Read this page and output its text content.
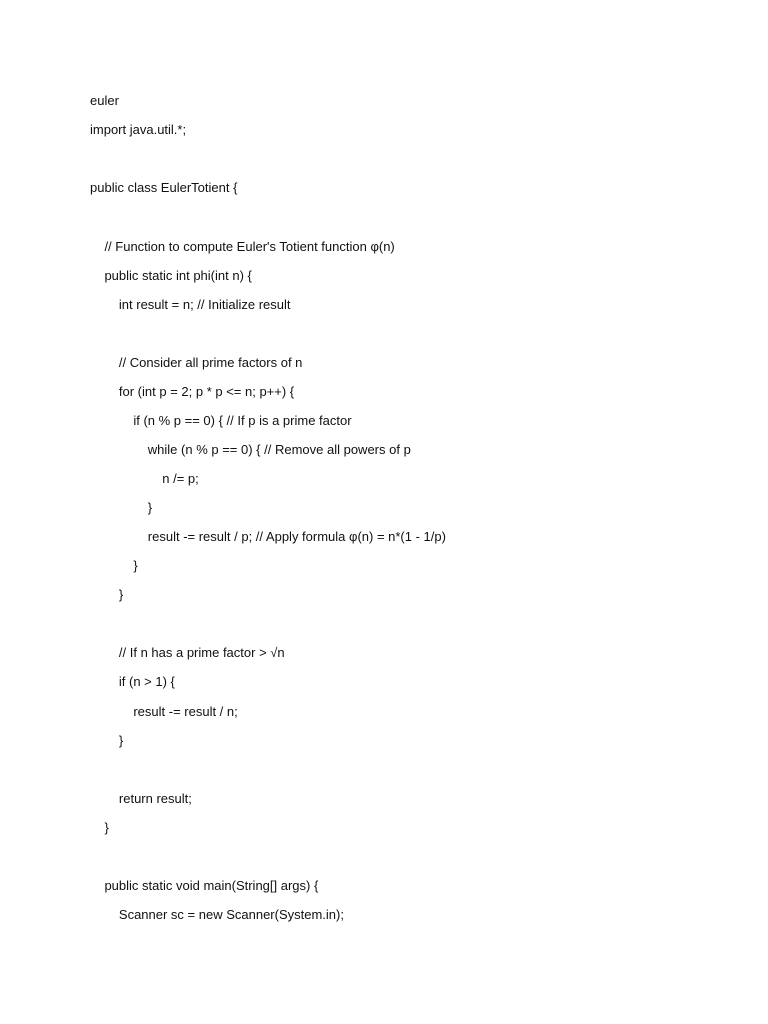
euler
import java.util.*;
public class EulerTotient {
// Function to compute Euler's Totient function φ(n)
public static int phi(int n) {
int result = n; // Initialize result
// Consider all prime factors of n
for (int p = 2; p * p <= n; p++) {
if (n % p == 0) { // If p is a prime factor
while (n % p == 0) { // Remove all powers of p
n /= p;
}
result -= result / p; // Apply formula φ(n) = n*(1 - 1/p)
}
}
// If n has a prime factor > √n
if (n > 1) {
result -= result / n;
}
return result;
}
public static void main(String[] args) {
Scanner sc = new Scanner(System.in);
